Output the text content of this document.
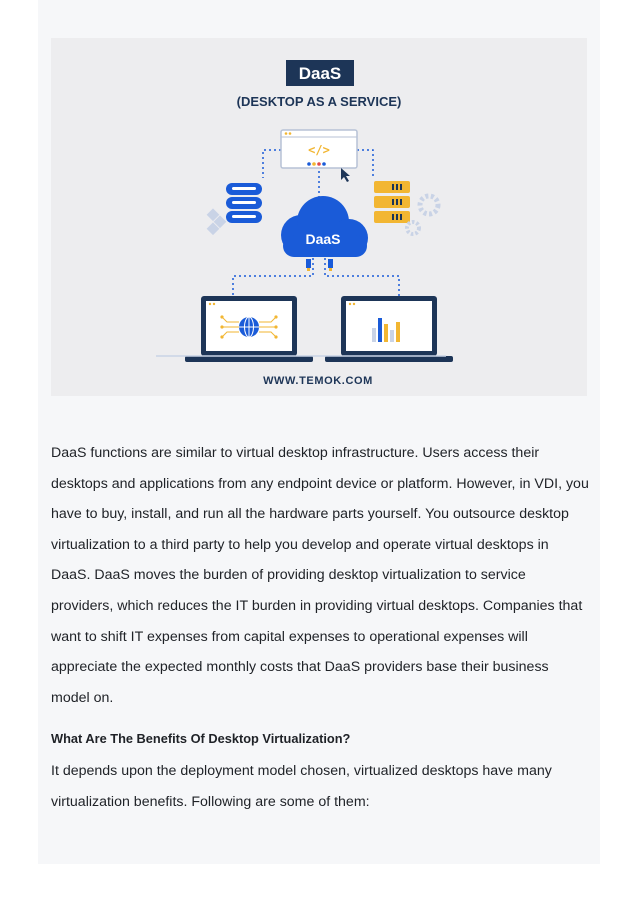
DaaS
(DESKTOP AS A SERVICE)
</>
DaaS
WWW.TEMOK.COM

DaaS functions are similar to virtual desktop infrastructure. Users access their desktops and applications from any endpoint device or platform. However, in VDI, you have to buy, install, and run all the hardware parts yourself. You outsource desktop virtualization to a third party to help you develop and operate virtual desktops in DaaS. DaaS moves the burden of providing desktop virtualization to service providers, which reduces the IT burden in providing virtual desktops. Companies that want to shift IT expenses from capital expenses to operational expenses will appreciate the expected monthly costs that DaaS providers base their business model on.

What Are The Benefits Of Desktop Virtualization?

It depends upon the deployment model chosen, virtualized desktops have many virtualization benefits. Following are some of them:
